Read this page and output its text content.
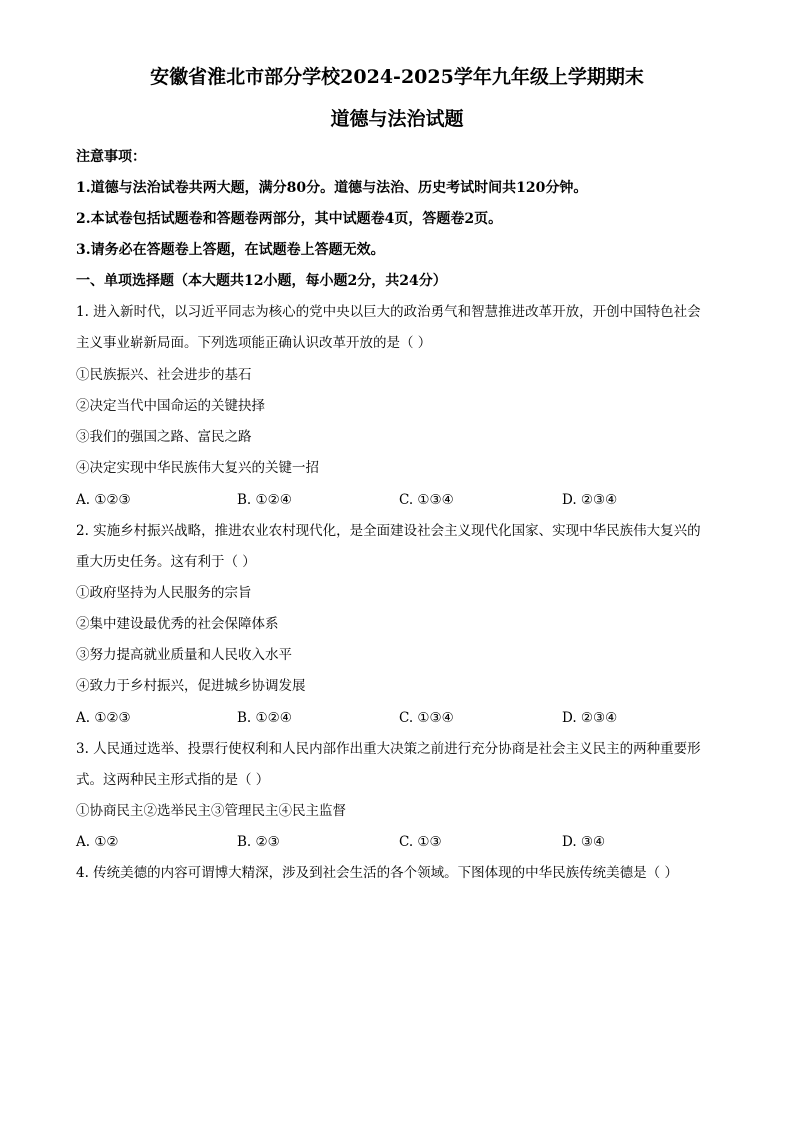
安徽省淮北市部分学校2024-2025学年九年级上学期期末
道德与法治试题
注意事项：
1.道德与法治试卷共两大题，满分80分。道德与法治、历史考试时间共120分钟。
2.本试卷包括试题卷和答题卷两部分，其中试题卷4页，答题卷2页。
3.请务必在答题卷上答题，在试题卷上答题无效。
一、单项选择题（本大题共12小题，每小题2分，共24分）
1. 进入新时代，以习近平同志为核心的党中央以巨大的政治勇气和智慧推进改革开放，开创中国特色社会
主义事业崭新局面。下列选项能正确认识改革开放的是（ ）
①民族振兴、社会进步的基石
②决定当代中国命运的关键抉择
③我们的强国之路、富民之路
④决定实现中华民族伟大复兴的关键一招
A. ①②③	B. ①②④	C. ①③④	D. ②③④
2. 实施乡村振兴战略，推进农业农村现代化，是全面建设社会主义现代化国家、实现中华民族伟大复兴的
重大历史任务。这有利于（ ）
①政府坚持为人民服务的宗旨
②集中建设最优秀的社会保障体系
③努力提高就业质量和人民收入水平
④致力于乡村振兴，促进城乡协调发展
A. ①②③	B. ①②④	C. ①③④	D. ②③④
3. 人民通过选举、投票行使权利和人民内部作出重大决策之前进行充分协商是社会主义民主的两种重要形
式。这两种民主形式指的是（ ）
①协商民主②选举民主③管理民主④民主监督
A. ①②	B. ②③	C. ①③	D. ③④
4. 传统美德的内容可谓博大精深，涉及到社会生活的各个领域。下图体现的中华民族传统美德是（ ）
